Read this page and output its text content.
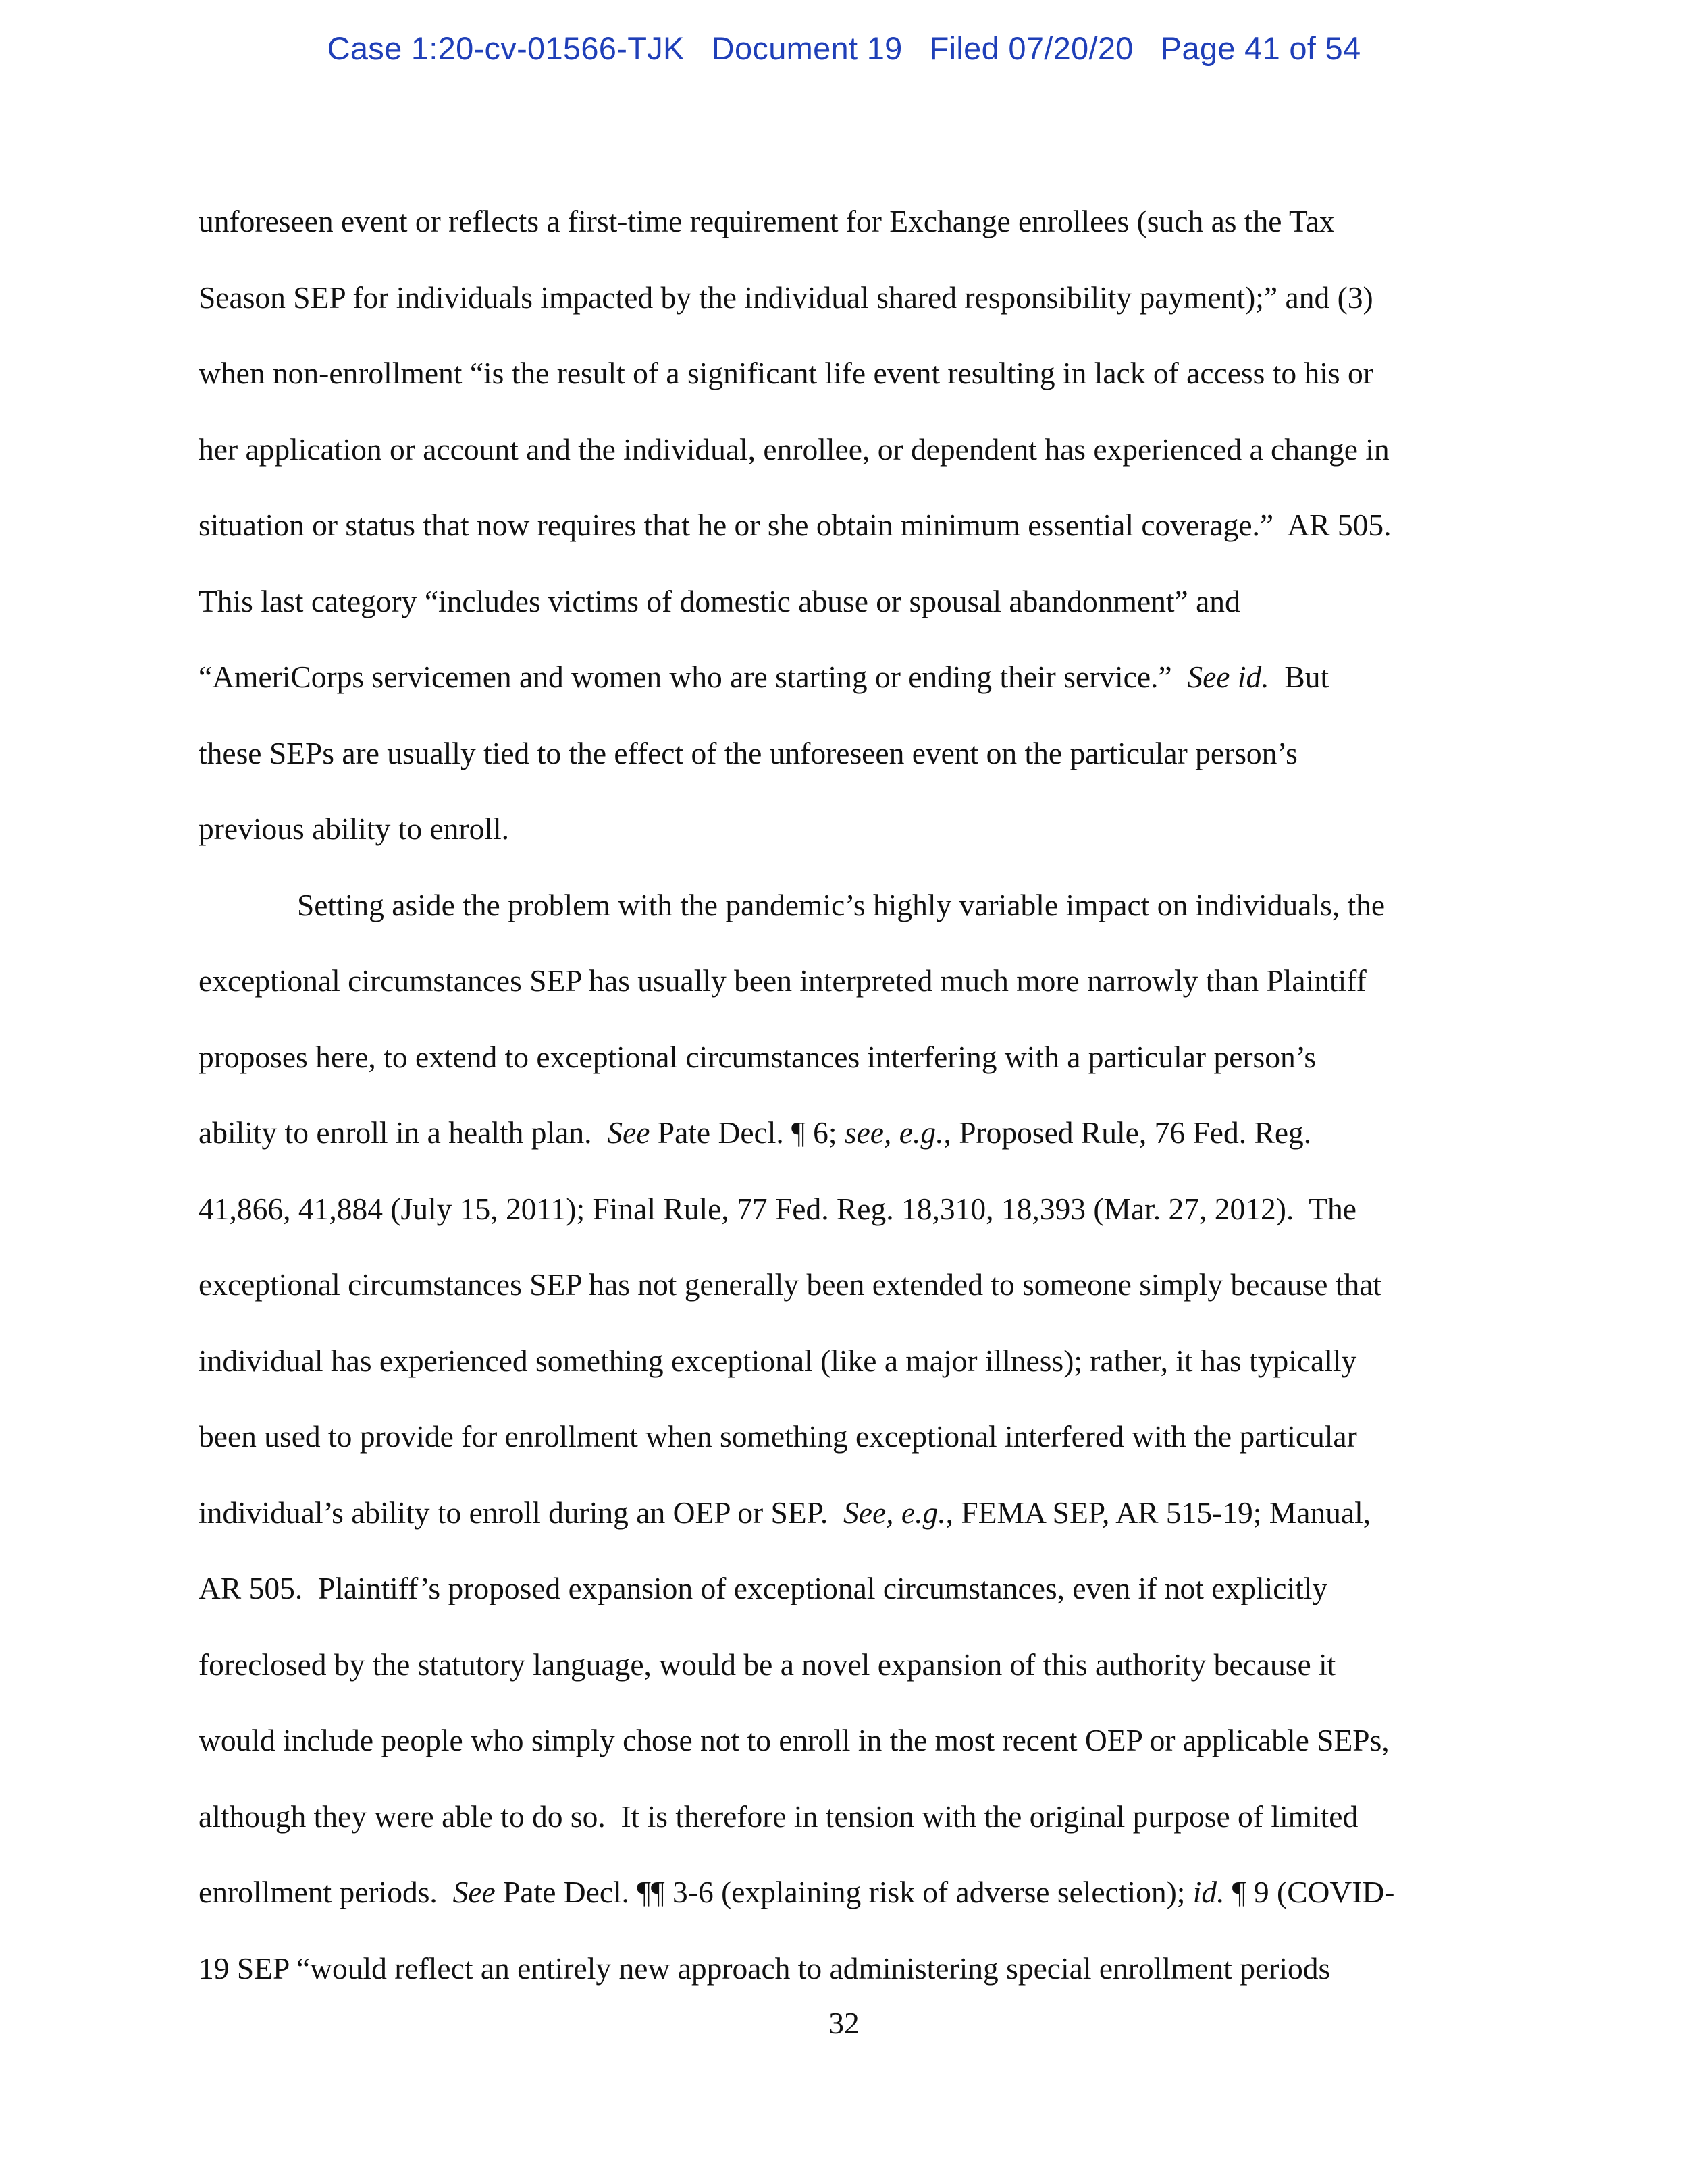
Case 1:20-cv-01566-TJK   Document 19   Filed 07/20/20   Page 41 of 54
unforeseen event or reflects a first-time requirement for Exchange enrollees (such as the Tax
Season SEP for individuals impacted by the individual shared responsibility payment);” and (3)
when non-enrollment “is the result of a significant life event resulting in lack of access to his or
her application or account and the individual, enrollee, or dependent has experienced a change in
situation or status that now requires that he or she obtain minimum essential coverage.”  AR 505.
This last category “includes victims of domestic abuse or spousal abandonment” and
“AmeriCorps servicemen and women who are starting or ending their service.”  See id.  But
these SEPs are usually tied to the effect of the unforeseen event on the particular person’s
previous ability to enroll.
Setting aside the problem with the pandemic’s highly variable impact on individuals, the
exceptional circumstances SEP has usually been interpreted much more narrowly than Plaintiff
proposes here, to extend to exceptional circumstances interfering with a particular person’s
ability to enroll in a health plan.  See Pate Decl. ¶ 6; see, e.g., Proposed Rule, 76 Fed. Reg.
41,866, 41,884 (July 15, 2011); Final Rule, 77 Fed. Reg. 18,310, 18,393 (Mar. 27, 2012).  The
exceptional circumstances SEP has not generally been extended to someone simply because that
individual has experienced something exceptional (like a major illness); rather, it has typically
been used to provide for enrollment when something exceptional interfered with the particular
individual’s ability to enroll during an OEP or SEP.  See, e.g., FEMA SEP, AR 515-19; Manual,
AR 505.  Plaintiff’s proposed expansion of exceptional circumstances, even if not explicitly
foreclosed by the statutory language, would be a novel expansion of this authority because it
would include people who simply chose not to enroll in the most recent OEP or applicable SEPs,
although they were able to do so.  It is therefore in tension with the original purpose of limited
enrollment periods.  See Pate Decl. ¶¶ 3-6 (explaining risk of adverse selection); id. ¶ 9 (COVID-
19 SEP “would reflect an entirely new approach to administering special enrollment periods
32
